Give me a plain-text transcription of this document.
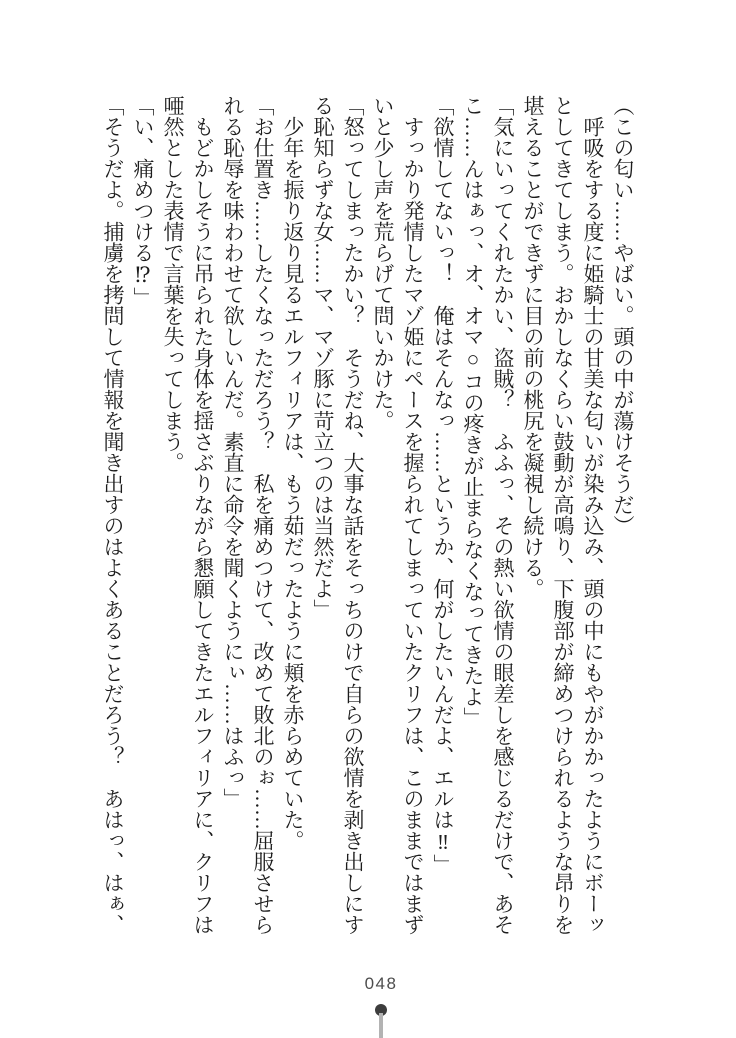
（この匂い……やばい。頭の中が蕩けそうだ）

呼吸をする度に姫騎士の甘美な匂いが染み込み、頭の中にもやがかかったようにボーッとしてきてしまう。おかしなくらい鼓動が高鳴り、下腹部が締めつけられるような昂りを堪えることができずに目の前の桃尻を凝視し続ける。

「気にいってくれたかい、盗賊？　ふふっ、その熱い欲情の眼差しを感じるだけで、あそこ……んはぁっ、オ、オマ○コの疼きが止まらなくなってきたよ」

「欲情してないっ！　俺はそんなっ……というか、何がしたいんだよ、エルは‼」

すっかり発情したマゾ姫にペースを握られてしまっていたクリフは、このままではまずいと少し声を荒らげて問いかけた。

「怒ってしまったかい？　そうだね、大事な話をそっちのけで自らの欲情を剥き出しにする恥知らずな女……マ、マゾ豚に苛立つのは当然だよ」

少年を振り返り見るエルフィリアは、もう茹だったように頬を赤らめていた。

「お仕置き……したくなっただろう？　私を痛めつけて、改めて敗北のぉ……屈服させられる恥辱を味わわせて欲しいんだ。素直に命令を聞くようにぃ……はふっ」

もどかしそうに吊られた身体を揺さぶりながら懇願してきたエルフィリアに、クリフは唖然とした表情で言葉を失ってしまう。

「い、痛めつける⁉」

「そうだよ。捕虜を拷問して情報を聞き出すのはよくあることだろう？　あはっ、はぁ、

048
